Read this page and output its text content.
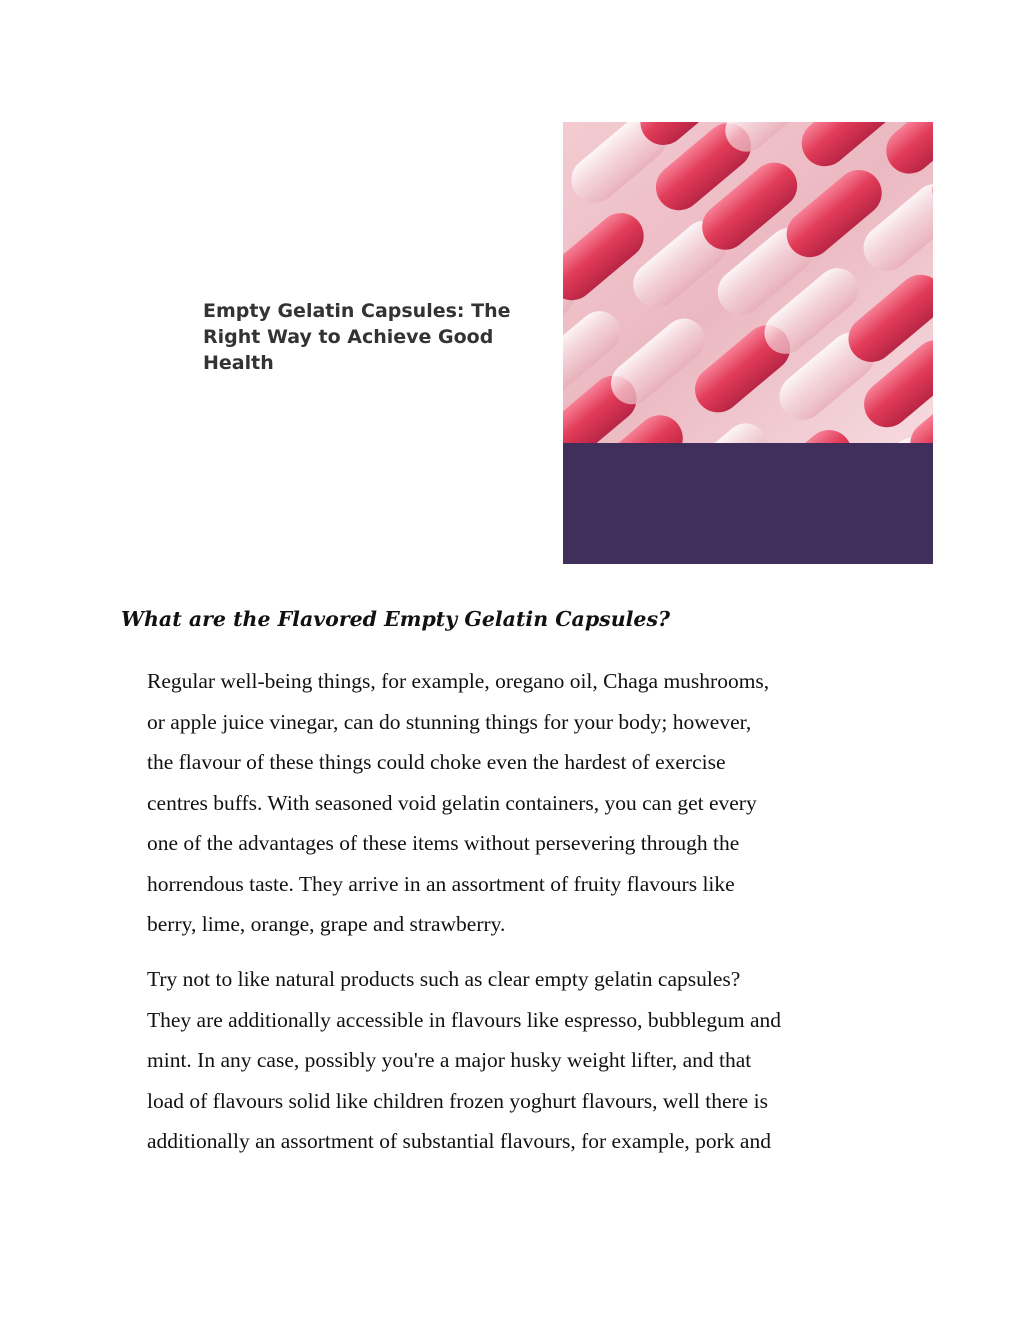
Empty Gelatin Capsules: The
Right Way to Achieve Good
Health
What are the Flavored Empty Gelatin Capsules?

Regular well-being things, for example, oregano oil, Chaga mushrooms,
or apple juice vinegar, can do stunning things for your body; however,
the flavour of these things could choke even the hardest of exercise
centres buffs. With seasoned void gelatin containers, you can get every
one of the advantages of these items without persevering through the
horrendous taste. They arrive in an assortment of fruity flavours like
berry, lime, orange, grape and strawberry.

Try not to like natural products such as clear empty gelatin capsules?
They are additionally accessible in flavours like espresso, bubblegum and
mint. In any case, possibly you're a major husky weight lifter, and that
load of flavours solid like children frozen yoghurt flavours, well there is
additionally an assortment of substantial flavours, for example, pork and
